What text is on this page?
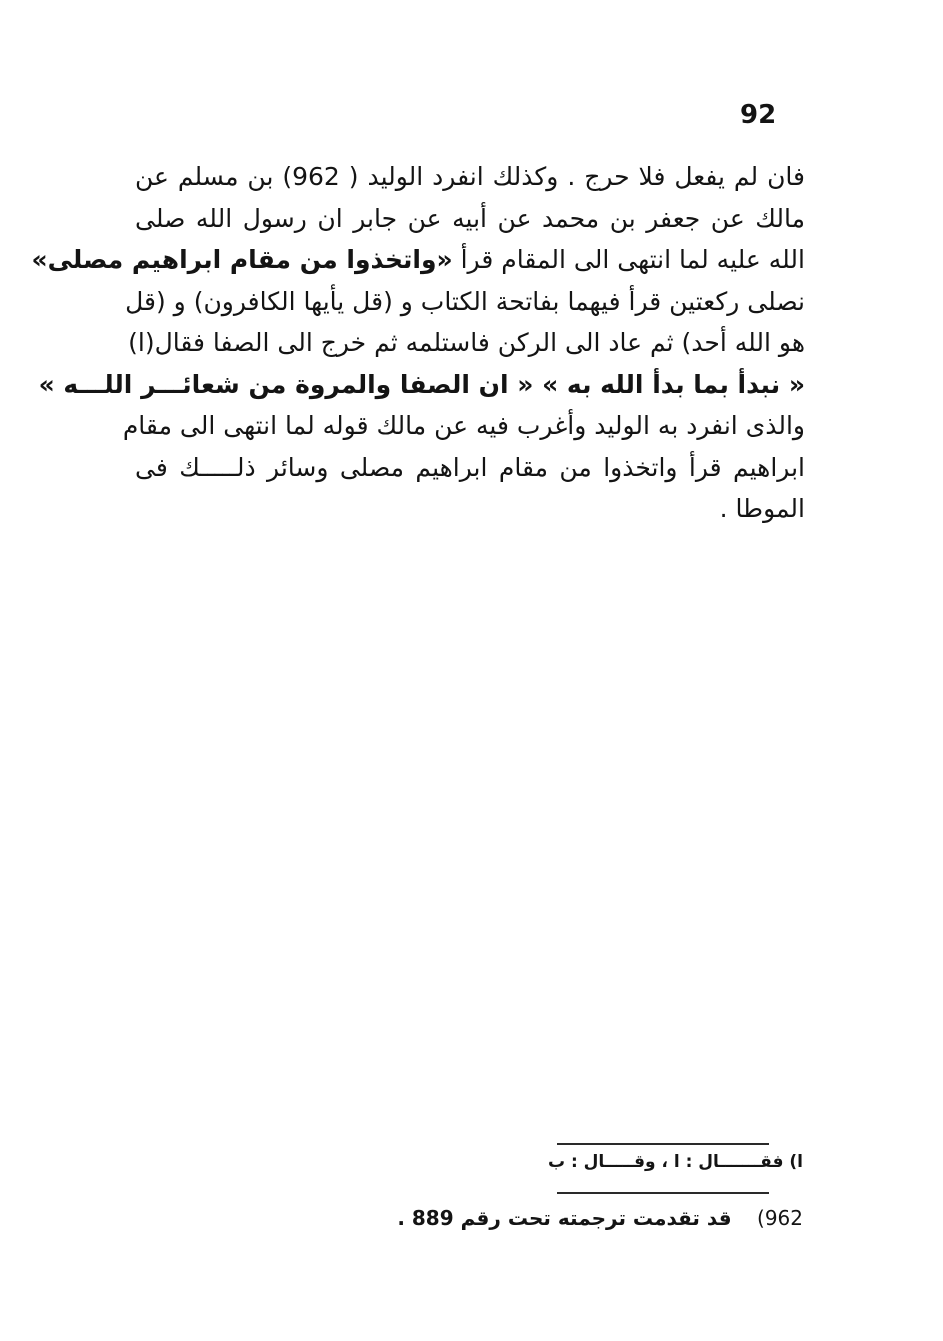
92
فان لم يفعل فلا حرج . وكذلك انفرد الوليد ( 962) بن مسلم عن
مالك عن جعفر بن محمد عن أبيه عن جابر ان رسول الله صلى
الله عليه لما انتهى الى المقام قرأ «واتخذوا من مقام ابراهيم مصلى»
نصلى ركعتين قرأ فيهما بفاتحة الكتاب و (قل يأيها الكافرون) و (قل
هو الله أحد) ثم عاد الى الركن فاستلمه ثم خرج الى الصفا فقال(ا)
« نبدأ بما بدأ الله به » « ان الصفا والمروة من شعائـــر اللـــه »
والذى انفرد به الوليد وأغرب فيه عن مالك قوله لما انتهى الى مقام
ابراهيم قرأ واتخذوا من مقام ابراهيم مصلى وسائر ذلـــــك فى
الموطا .
ا) فقـــــــال : ا ، وقـــــال : ب
962)    قد تقدمت ترجمته تحت رقم 889 .
